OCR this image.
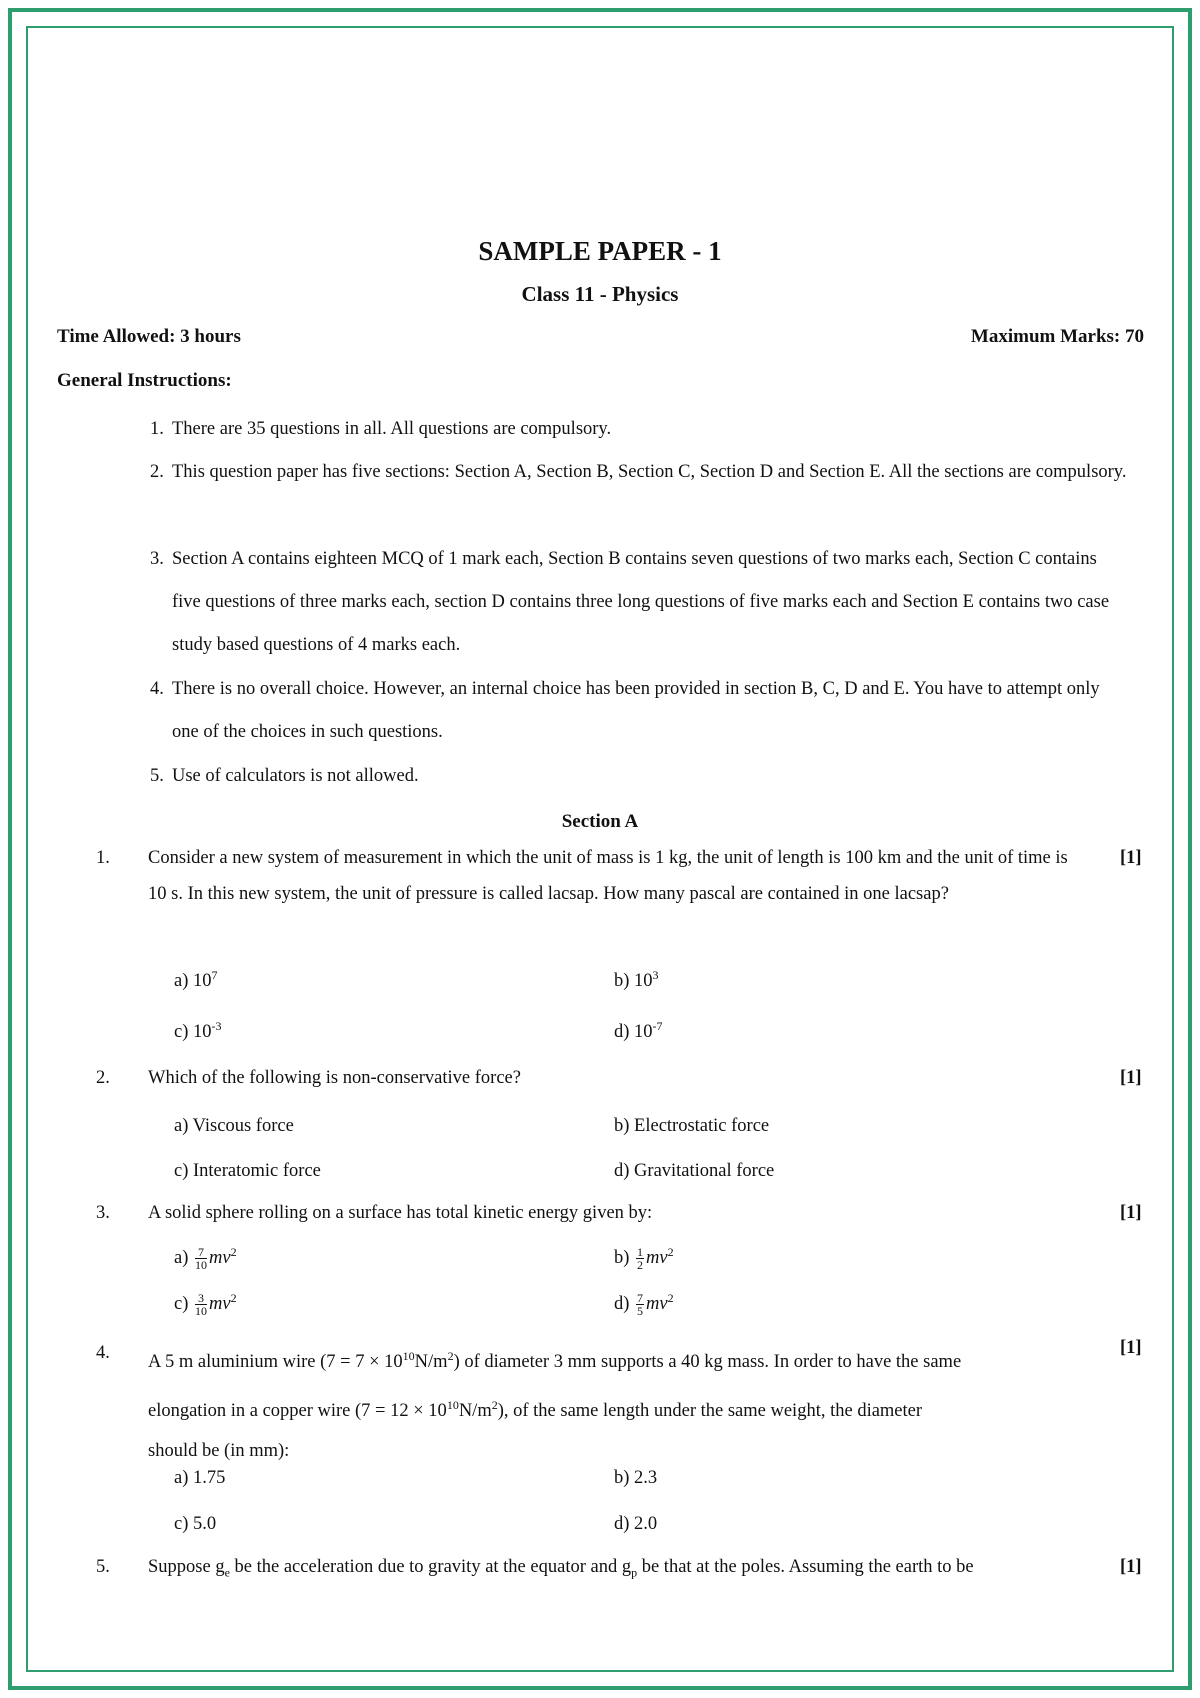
SAMPLE PAPER - 1
Class 11 - Physics
Time Allowed: 3 hours	Maximum Marks: 70
General Instructions:
1. There are 35 questions in all. All questions are compulsory.
2. This question paper has five sections: Section A, Section B, Section C, Section D and Section E. All the sections are compulsory.
3. Section A contains eighteen MCQ of 1 mark each, Section B contains seven questions of two marks each, Section C contains five questions of three marks each, section D contains three long questions of five marks each and Section E contains two case study based questions of 4 marks each.
4. There is no overall choice. However, an internal choice has been provided in section B, C, D and E. You have to attempt only one of the choices in such questions.
5. Use of calculators is not allowed.
Section A
1. Consider a new system of measurement in which the unit of mass is 1 kg, the unit of length is 100 km and the unit of time is 10 s. In this new system, the unit of pressure is called lacsap. How many pascal are contained in one lacsap?
[1]
a) $10^7$	b) $10^3$
c) $10^{-3}$	d) $10^{-7}$
2. Which of the following is non-conservative force?	[1]
a) Viscous force	b) Electrostatic force
c) Interatomic force	d) Gravitational force
3. A solid sphere rolling on a surface has total kinetic energy given by:	[1]
$a) \frac{7}{10} mv^2$	$b) \frac{1}{2} mv^2$
$c) \frac{3}{10} mv^2$	$d) \frac{7}{5} mv^2$
4. A 5 m aluminium wire $(7 = 7 \times 10^{10}N/m^2)$ of diameter 3 mm supports a 40 kg mass. In order to have the same
elongation in a copper wire $(7 = 12 \times 10^{10}N/m^2)$, of the same length under the same weight, the diameter
should be (in mm):
[1]
a) 1.75	b) 2.3
c) 5.0	d) 2.0
5. Suppose $g_e$ be the acceleration due to gravity at the equator and $g_p$ be that at the poles. Assuming the earth to be	[1]
